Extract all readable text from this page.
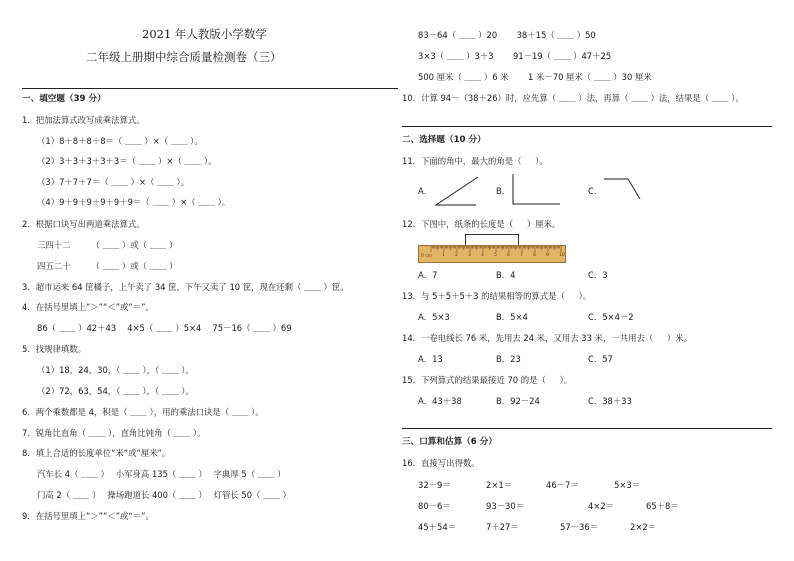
2021 年人教版小学数学
二年级上册期中综合质量检测卷（三）
一、填空题（39 分）
1．把加法算式改写成乘法算式。
（1）8＋8＋8＋8＝（ ＿＿ ）×（ ＿＿ ）。
（2）3＋3＋3＋3＋3＝（ ＿＿ ）×（ ＿＿ ）。
（3）7＋7＋7＝（ ＿＿ ）×（ ＿＿ ）。
（4）9＋9＋9＋9＋9＋9＝（ ＿＿ ）×（ ＿＿ ）。
2．根据口诀写出两道乘法算式。
三四十二　　　（ ＿＿ ）或（ ＿＿ ）
四五二十　　　（ ＿＿ ）或（ ＿＿ ）
3．超市运来 64 筐橘子，上午卖了 34 筐，下午又卖了 10 筐，现在还剩（ ＿＿ ）筐。
4．在括号里填上“＞”“＜”或“＝”。
86（ ＿＿ ）42＋43　 4×5（ ＿＿ ）5×4　 75－16（ ＿＿ ）69
5．找规律填数。
（1）18，24，30，（ ＿＿ ），（ ＿＿ ）。
（2）72，63，54，（ ＿＿ ），（ ＿＿ ）。
6．两个乘数都是 4，积是（ ＿＿ ），用的乘法口诀是（ ＿＿ ）。
7．锐角比直角（ ＿＿ ），直角比钝角（ ＿＿ ）。
8．填上合适的长度单位“米”或“厘米”。
汽车长 4（ ＿＿ ）　 小军身高 135（ ＿＿ ）　 字典厚 5（ ＿＿ ）
门高 2（ ＿＿ ）　 操场跑道长 400（ ＿＿ ）　 灯管长 50（ ＿＿ ）
9．在括号里填上“＞”“＜”或“＝”。
83－64（ ＿＿ ）20　　 38＋15（ ＿＿ ）50
3×3（ ＿＿ ）3＋3　　 91－19（ ＿＿ ）47＋25
500 厘米（ ＿＿ ）6 米　　 1 米－70 厘米（ ＿＿ ）30 厘米
10．计算 94－（38＋26）时，应先算（ ＿＿ ）法，再算（ ＿＿ ）法，结果是（ ＿＿ ）。
二、选择题（10 分）
11．下面的角中，最大的角是（ 　 ）。
A．	B．	C．
12．下图中，纸条的长度是（ 　 ）厘米。
0 cm 1 2 3 4 5 6 7 8 9 10
A．7	B．4	C．3
13．与 5＋5＋5＋3 的结果相等的算式是（ 　 ）。
A．5×3	B．5×4	C．5×4－2
14．一卷电线长 76 米，先用去 24 米，又用去 33 米，一共用去（ 　 ）米。
A．13	B．23	C．57
15．下列算式的结果最接近 70 的是（ 　 ）。
A．43＋38	B．92－24	C．38＋33
三、口算和估算（6 分）
16．直接写出得数。
32－9＝	2×1＝	46－7＝	5×3＝
80－6＝	93－30＝	4×2＝	65＋8＝
45＋54＝	7＋27＝	57－36＝	2×2＝
